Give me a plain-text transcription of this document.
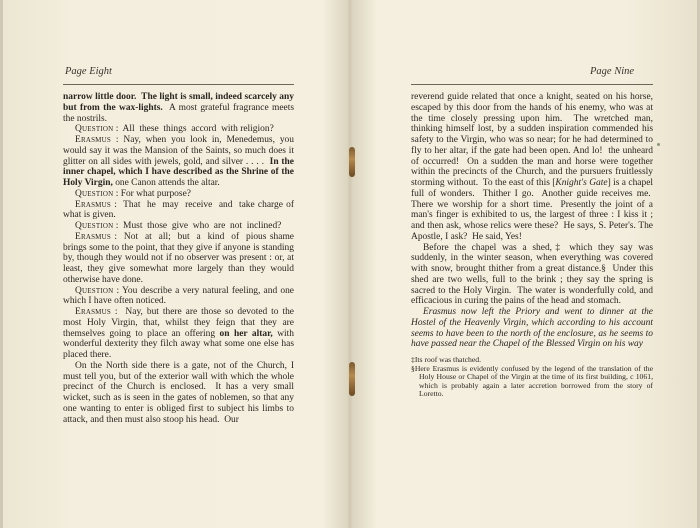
Page Eight

narrow little door.  The light is small, indeed scarcely any but from the wax-lights.  A most grateful fragrance meets the nostrils.

Question :  All  these  things  accord  with religion?

Erasmus : Nay, when you look in, Menedemus, you would say it was the Mansion of the Saints, so much does it glitter on all sides with jewels, gold, and silver . . . .  In the inner chapel, which I have described as the Shrine of the Holy Virgin, one Canon attends the altar.

Question : For what purpose?

Erasmus :  That  he  may  receive  and  take charge of what is given.

Question :  Must  those  give  who  are  not  inclined?

Erasmus :  Not  at  all;  but  a  kind  of  pious shame brings some to the point, that they give if anyone is standing by, though they would not if no observer was present : or, at least, they give somewhat more largely than they would otherwise have done.

Question : You describe a very natural feeling, and one which I have often noticed.

Erasmus :  Nay, but there are those so devoted to the most Holy Virgin, that, whilst they feign that they are themselves going to place an offering on her altar, with wonderful dexterity they filch away what some one else has placed there.

On the North side there is a gate, not of the Church, I must tell you, but of the exterior wall with which the whole precinct of the Church is enclosed.  It has a very small wicket, such as is seen in the gates of noblemen, so that any one wanting to enter is obliged first to subject his limbs to attack, and then must also stoop his head.  Our

Page Nine

reverend guide related that once a knight, seated on his horse, escaped by this door from the hands of his enemy, who was at the time closely pressing upon him.  The wretched man, thinking himself lost, by a sudden inspiration commended his safety to the Virgin, who was so near; for he had determined to fly to her altar, if the gate had been open. And lo!  the unheard of occurred!  On a sudden the man and horse were together within the precincts of the Church, and the pursuers fruitlessly storming without.  To the east of this [Knight's Gate] is a chapel full of wonders.  Thither I go.  Another guide receives me.  There we worship for a short time.  Presently the joint of a man's finger is exhibited to us, the largest of three : I kiss it ; and then ask, whose relics were these?  He says, S. Peter's. The Apostle, I ask?  He said, Yes!

Before the chapel was a shed,‡ which they say was suddenly, in the winter season, when everything was covered with snow, brought thither from a great distance.§  Under this shed are two wells, full to the brink ; they say the spring is sacred to the Holy Virgin.  The water is wonderfully cold, and efficacious in curing the pains of the head and stomach.

Erasmus now left the Priory and went to dinner at the Hostel of the Heavenly Virgin, which according to his account seems to have been to the north of the enclosure, as he seems to have passed near the Chapel of the Blessed Virgin on his way

‡Its roof was thatched.

§Here Erasmus is evidently confused by the legend of the translation of the Holy House or Chapel of the Virgin at the time of its first building, c 1061, which is probably again a later accretion borrowed from the story of Loretto.
